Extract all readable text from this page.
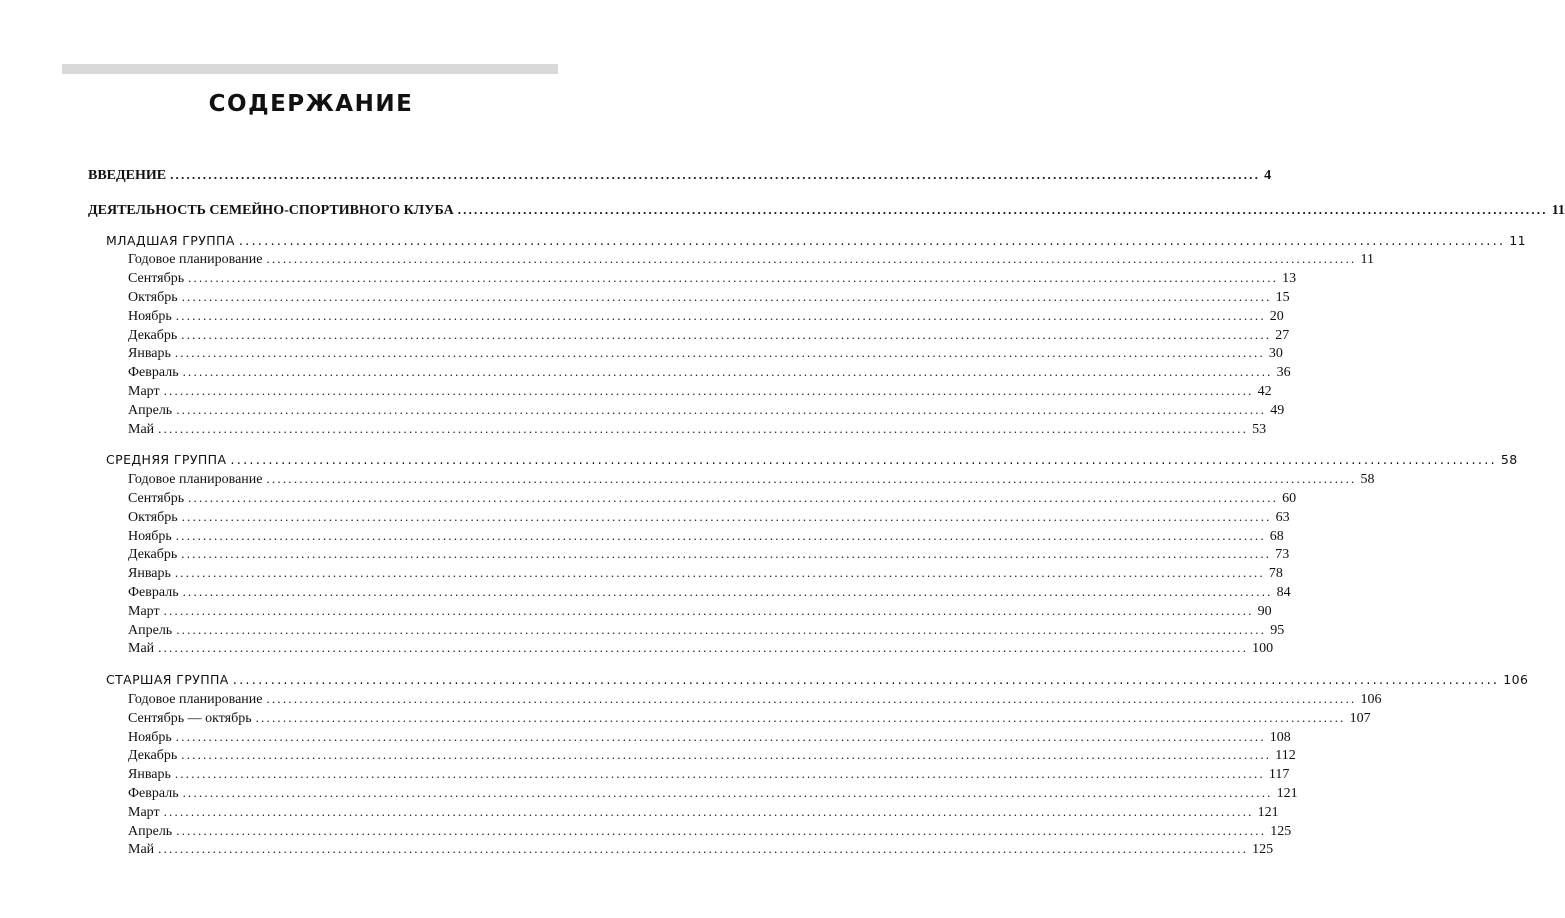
СОДЕРЖАНИЕ
ВВЕДЕНИЕ ........................................................................................................................................................................................................ 4
ДЕЯТЕЛЬНОСТЬ СЕМЕЙНО-СПОРТИВНОГО КЛУБА ........................................................................................................................................................................................................ 11
МЛАДШАЯ ГРУППА ........................................................................................................................................................................................................ 11
Годовое планирование ........................................................................................................................................................................................................ 11
Сентябрь ........................................................................................................................................................................................................ 13
Октябрь ........................................................................................................................................................................................................ 15
Ноябрь ........................................................................................................................................................................................................ 20
Декабрь ........................................................................................................................................................................................................ 27
Январь ........................................................................................................................................................................................................ 30
Февраль ........................................................................................................................................................................................................ 36
Март ........................................................................................................................................................................................................ 42
Апрель ........................................................................................................................................................................................................ 49
Май ........................................................................................................................................................................................................ 53
СРЕДНЯЯ ГРУППА ........................................................................................................................................................................................................ 58
Годовое планирование ........................................................................................................................................................................................................ 58
Сентябрь ........................................................................................................................................................................................................ 60
Октябрь ........................................................................................................................................................................................................ 63
Ноябрь ........................................................................................................................................................................................................ 68
Декабрь ........................................................................................................................................................................................................ 73
Январь ........................................................................................................................................................................................................ 78
Февраль ........................................................................................................................................................................................................ 84
Март ........................................................................................................................................................................................................ 90
Апрель ........................................................................................................................................................................................................ 95
Май ........................................................................................................................................................................................................ 100
СТАРШАЯ ГРУППА ........................................................................................................................................................................................................ 106
Годовое планирование ........................................................................................................................................................................................................ 106
Сентябрь — октябрь ........................................................................................................................................................................................................ 107
Ноябрь ........................................................................................................................................................................................................ 108
Декабрь ........................................................................................................................................................................................................ 112
Январь ........................................................................................................................................................................................................ 117
Февраль ........................................................................................................................................................................................................ 121
Март ........................................................................................................................................................................................................ 121
Апрель ........................................................................................................................................................................................................ 125
Май ........................................................................................................................................................................................................ 125
